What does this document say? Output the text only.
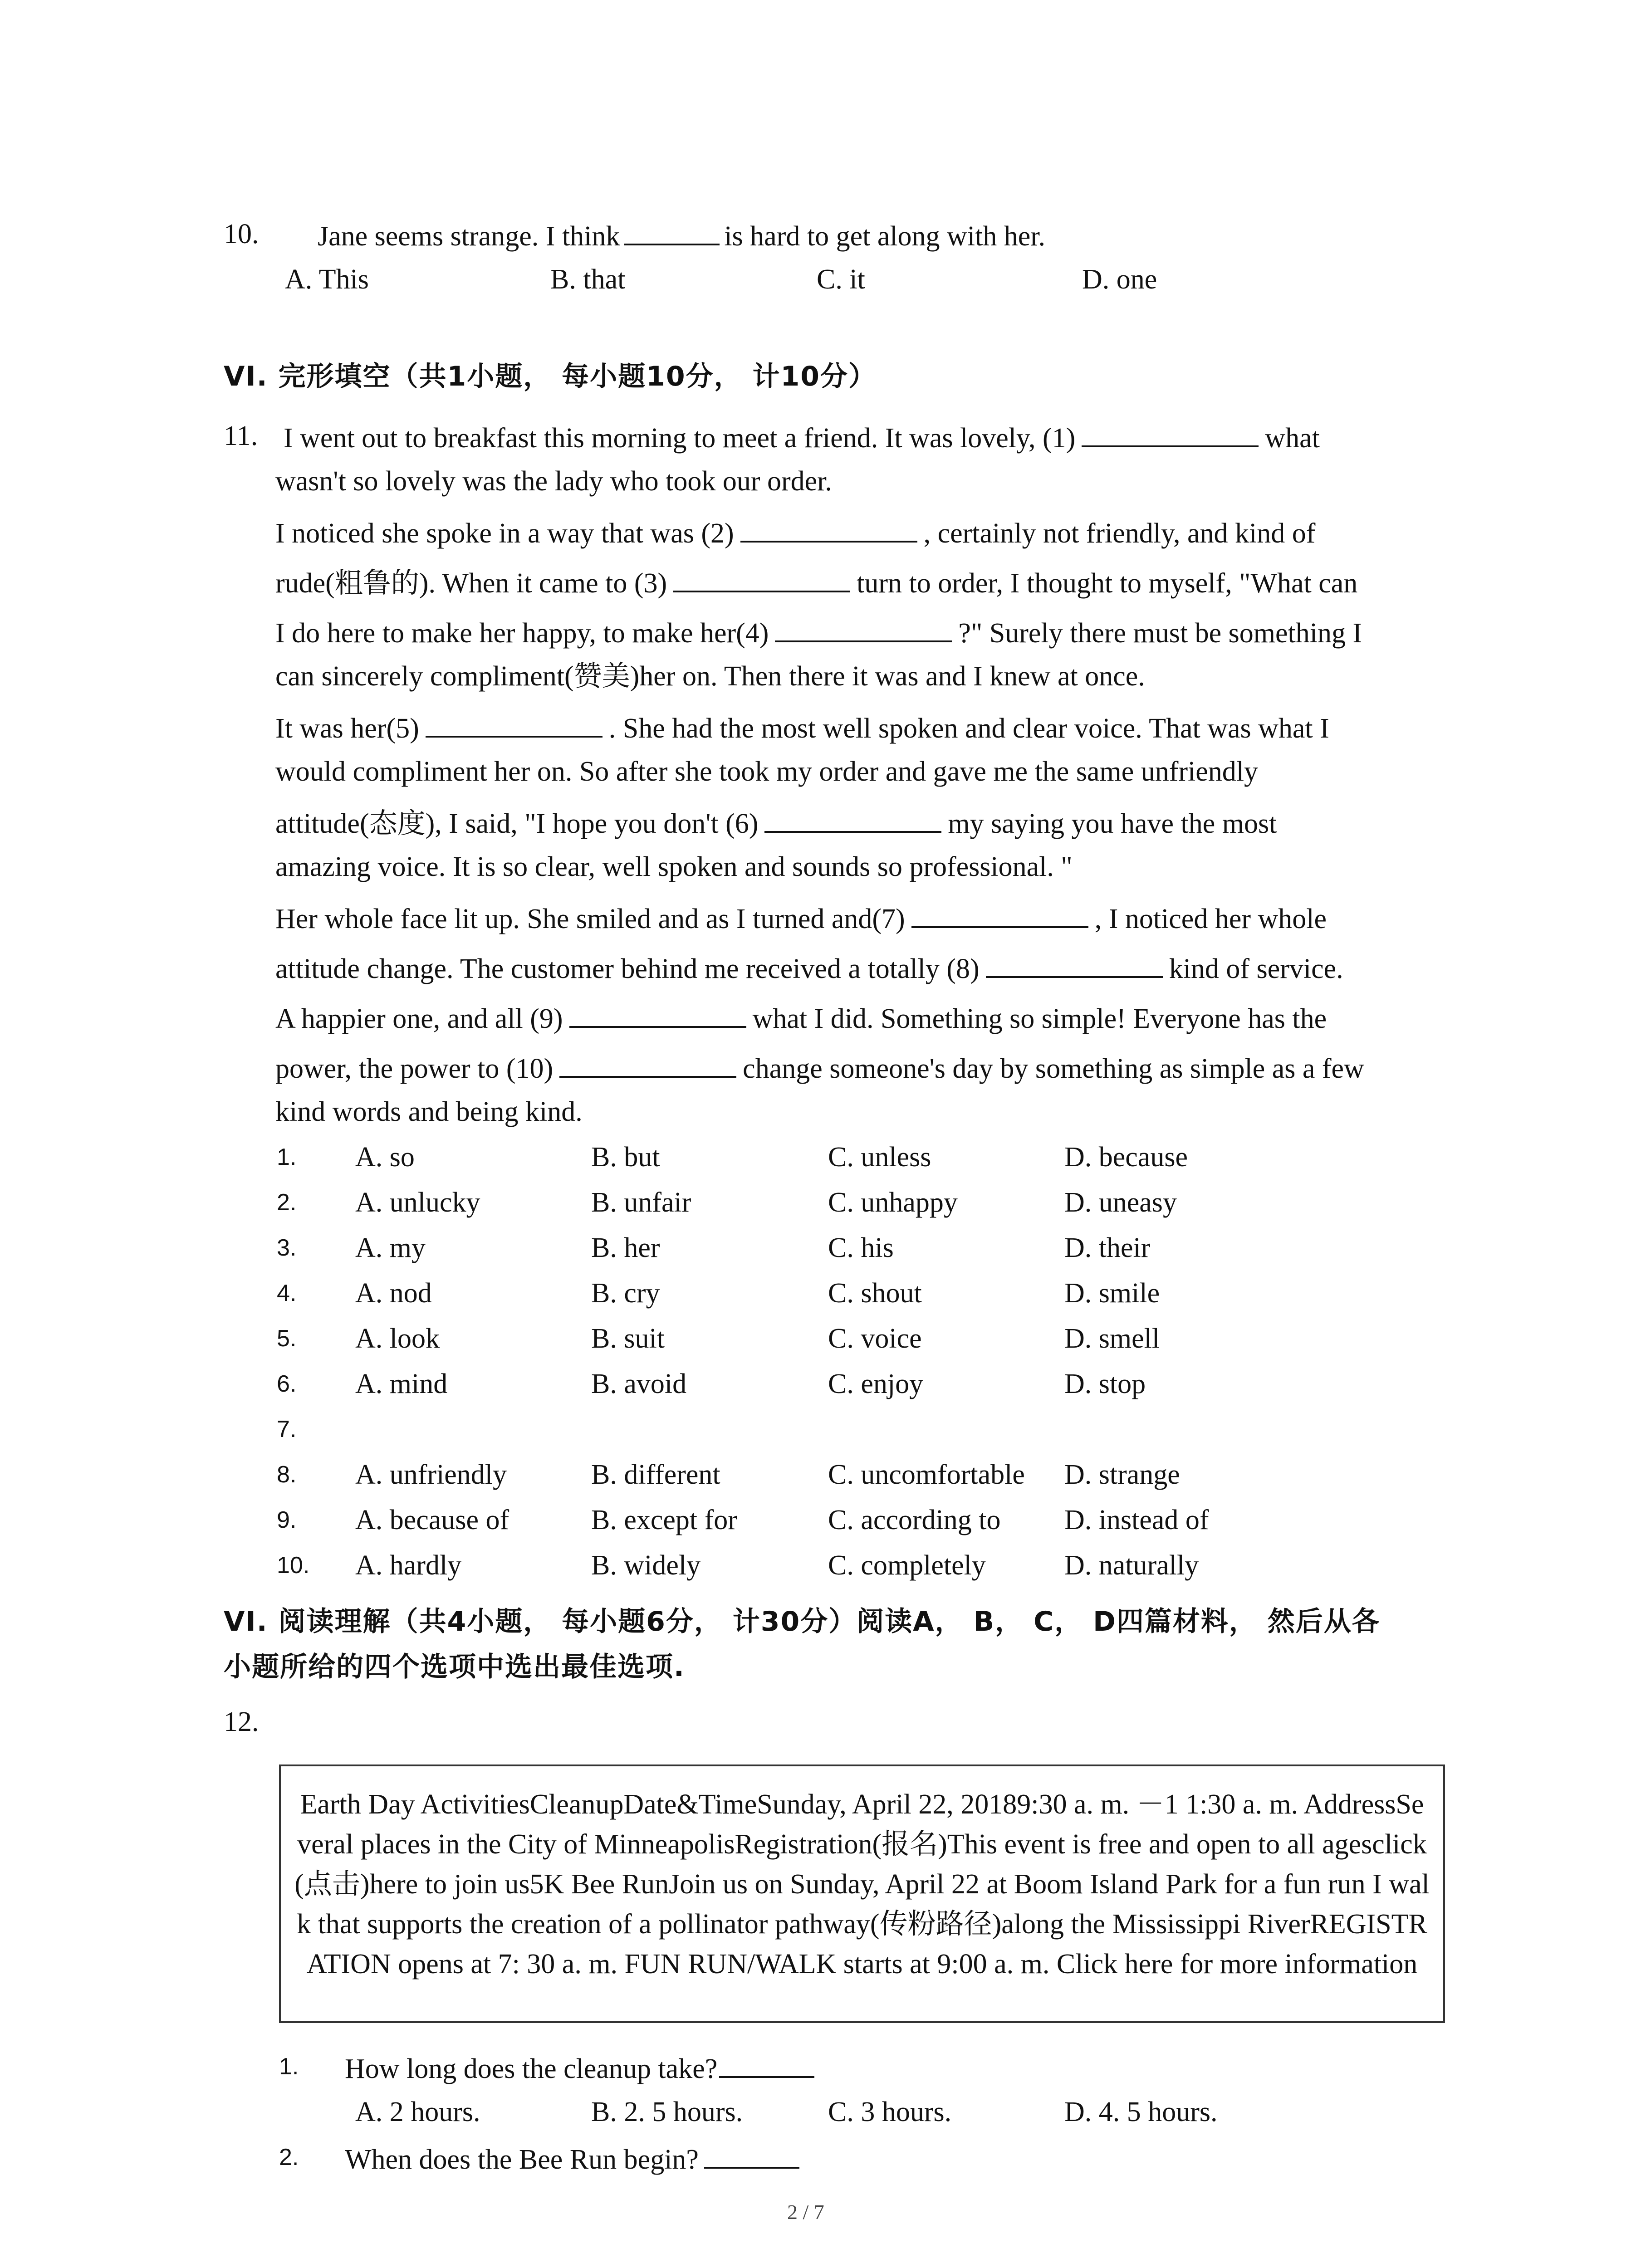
10. Jane seems strange. I think	is hard to get along with her.
A. This	B. that	C. it	D. one
VI. 完形填空（共1小题， 每小题10分， 计10分）
11. I went out to breakfast this morning to meet a friend. It was lovely, (1)	what
wasn't so lovely was the lady who took our order.
I noticed she spoke in a way that was (2)	, certainly not friendly, and kind of
rude(粗鲁的). When it came to (3)	turn to order, I thought to myself, "What can
I do here to make her happy, to make her(4)	?" Surely there must be something I
can sincerely compliment(赞美)her on. Then there it was and I knew at once.
It was her(5)	. She had the most well spoken and clear voice. That was what I
would compliment her on. So after she took my order and gave me the same unfriendly
attitude(态度), I said, "I hope you don't (6)	my saying you have the most
amazing voice. It is so clear, well spoken and sounds so professional. "
Her whole face lit up. She smiled and as I turned and(7)	, I noticed her whole
attitude change. The customer behind me received a totally (8)	kind of service.
A happier one, and all (9)	what I did. Something so simple! Everyone has the
power, the power to (10)	change someone's day by something as simple as a few
kind words and being kind.
1. A. so	B. but	C. unless	D. because
2. A. unlucky	B. unfair	C. unhappy	D. uneasy
3. A. my	B. her	C. his	D. their
4. A. nod	B. cry	C. shout	D. smile
5. A. look	B. suit	C. voice	D. smell
6. A. mind	B. avoid	C. enjoy	D. stop
7.
8. A. unfriendly	B. different	C. uncomfortable D. strange
9. A. because of	B. except for	C. according to D. instead of
10. A. hardly	B. widely	C. completely	D. naturally
VI. 阅读理解（共4小题， 每小题6分， 计30分）阅读A， B， C， D四篇材料， 然后从各
小题所给的四个选项中选出最佳选项.
12.
Earth Day ActivitiesCleanupDate&TimeSunday, April 22, 20189:30 a. m. －1 1:30 a. m. AddressSeveral places in the City of MinneapolisRegistration(报名)This event is free and open to all agesclick(点击)here to join us5K Bee RunJoin us on Sunday, April 22 at Boom Island Park for a fun run I walk that supports the creation of a pollinator pathway(传粉路径)along the Mississippi RiverREGISTRATION opens at 7: 30 a. m. FUN RUN/WALK starts at 9:00 a. m. Click here for more information
1. How long does the cleanup take?
A. 2 hours.	B. 2. 5 hours.	C. 3 hours.	D. 4. 5 hours.
2. When does the Bee Run begin?
2 / 7
